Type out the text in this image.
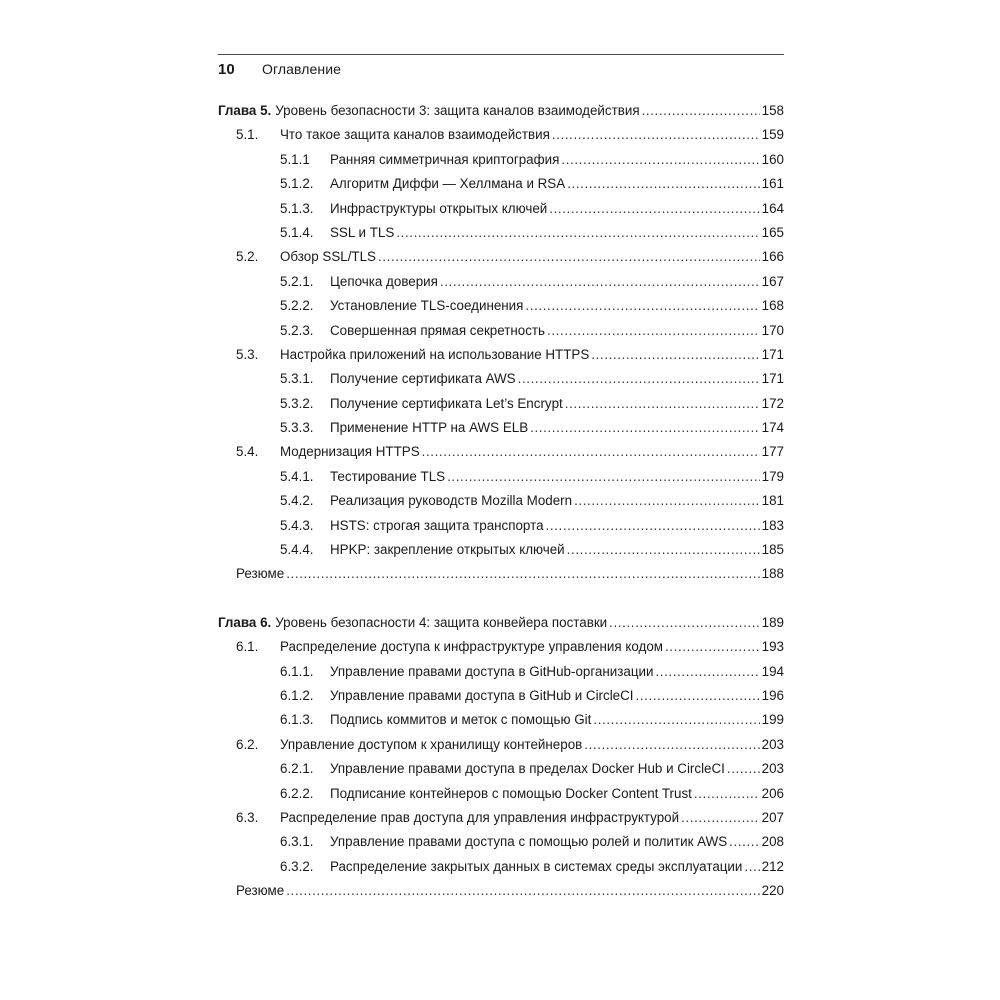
10	Оглавление
Глава 5. Уровень безопасности 3: защита каналов взаимодействия .....	158
5.1.	Что такое защита каналов взаимодействия .....	159
5.1.1	Ранняя симметричная криптография .....	160
5.1.2.	Алгоритм Диффи — Хеллмана и RSA .....	161
5.1.3.	Инфраструктуры открытых ключей .....	164
5.1.4.	SSL и TLS .....	165
5.2.	Обзор SSL/TLS .....	166
5.2.1.	Цепочка доверия .....	167
5.2.2.	Установление TLS-соединения .....	168
5.2.3.	Совершенная прямая секретность .....	170
5.3.	Настройка приложений на использование HTTPS .....	171
5.3.1.	Получение сертификата AWS .....	171
5.3.2.	Получение сертификата Let’s Encrypt .....	172
5.3.3.	Применение HTTP на AWS ELB .....	174
5.4.	Модернизация HTTPS .....	177
5.4.1.	Тестирование TLS .....	179
5.4.2.	Реализация руководств Mozilla Modern .....	181
5.4.3.	HSTS: строгая защита транспорта .....	183
5.4.4.	HPKP: закрепление открытых ключей .....	185
Резюме .....	188
Глава 6. Уровень безопасности 4: защита конвейера поставки .....	189
6.1.	Распределение доступа к инфраструктуре управления кодом .....	193
6.1.1.	Управление правами доступа в GitHub-организации .....	194
6.1.2.	Управление правами доступа в GitHub и CircleCI .....	196
6.1.3.	Подпись коммитов и меток с помощью Git .....	199
6.2.	Управление доступом к хранилищу контейнеров .....	203
6.2.1.	Управление правами доступа в пределах Docker Hub и CircleCI .....	203
6.2.2.	Подписание контейнеров с помощью Docker Content Trust .....	206
6.3.	Распределение прав доступа для управления инфраструктурой .....	207
6.3.1.	Управление правами доступа с помощью ролей и политик AWS .....	208
6.3.2.	Распределение закрытых данных в системах среды эксплуатации ..... 212
Резюме .....	220
